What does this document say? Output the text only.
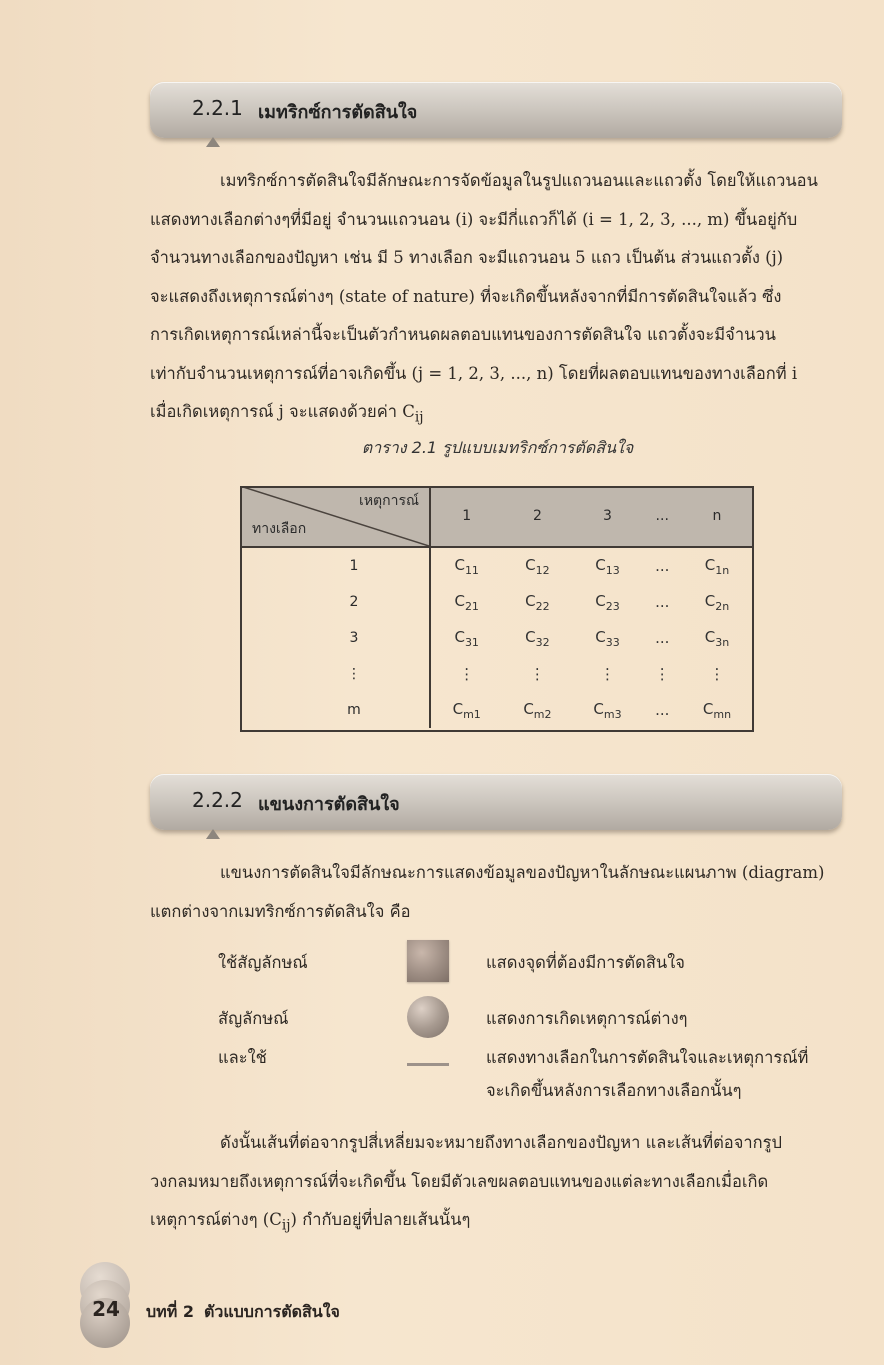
2.2.1 เมทริกซ์การตัดสินใจ
เมทริกซ์การตัดสินใจมีลักษณะการจัดข้อมูลในรูปแถวนอนและแถวตั้ง โดยให้แถวนอน
แสดงทางเลือกต่างๆที่มีอยู่ จำนวนแถวนอน (i) จะมีกี่แถวก็ได้ (i = 1, 2, 3, ..., m) ขึ้นอยู่กับ
จำนวนทางเลือกของปัญหา เช่น มี 5 ทางเลือก จะมีแถวนอน 5 แถว เป็นต้น ส่วนแถวตั้ง (j)
จะแสดงถึงเหตุการณ์ต่างๆ (state of nature) ที่จะเกิดขึ้นหลังจากที่มีการตัดสินใจแล้ว ซึ่ง
การเกิดเหตุการณ์เหล่านี้จะเป็นตัวกำหนดผลตอบแทนของการตัดสินใจ แถวตั้งจะมีจำนวน
เท่ากับจำนวนเหตุการณ์ที่อาจเกิดขึ้น (j = 1, 2, 3, ..., n) โดยที่ผลตอบแทนของทางเลือกที่ i
เมื่อเกิดเหตุการณ์ j จะแสดงด้วยค่า $C_{ij}$
ตาราง 2.1 รูปแบบเมทริกซ์การตัดสินใจ
เหตุการณ์
ทางเลือก	1	2	3	...	n
1	$C_{11}$	$C_{12}$	$C_{13}$	...	$C_{1n}$
2	$C_{21}$	$C_{22}$	$C_{23}$	...	$C_{2n}$
3	$C_{31}$	$C_{32}$	$C_{33}$	...	$C_{3n}$
⋮	⋮	⋮	⋮	⋮	⋮
m	$C_{m1}$	$C_{m2}$	$C_{m3}$	...	$C_{mn}$
2.2.2 แขนงการตัดสินใจ
แขนงการตัดสินใจมีลักษณะการแสดงข้อมูลของปัญหาในลักษณะแผนภาพ (diagram)
แตกต่างจากเมทริกซ์การตัดสินใจ คือ
ใช้สัญลักษณ์	แสดงจุดที่ต้องมีการตัดสินใจ
สัญลักษณ์	แสดงการเกิดเหตุการณ์ต่างๆ
และใช้	แสดงทางเลือกในการตัดสินใจและเหตุการณ์ที่
จะเกิดขึ้นหลังการเลือกทางเลือกนั้นๆ
ดังนั้นเส้นที่ต่อจากรูปสี่เหลี่ยมจะหมายถึงทางเลือกของปัญหา และเส้นที่ต่อจากรูป
วงกลมหมายถึงเหตุการณ์ที่จะเกิดขึ้น โดยมีตัวเลขผลตอบแทนของแต่ละทางเลือกเมื่อเกิด
เหตุการณ์ต่างๆ $(C_{ij})$ กำกับอยู่ที่ปลายเส้นนั้นๆ
24	บทที่ 2 ตัวแบบการตัดสินใจ
